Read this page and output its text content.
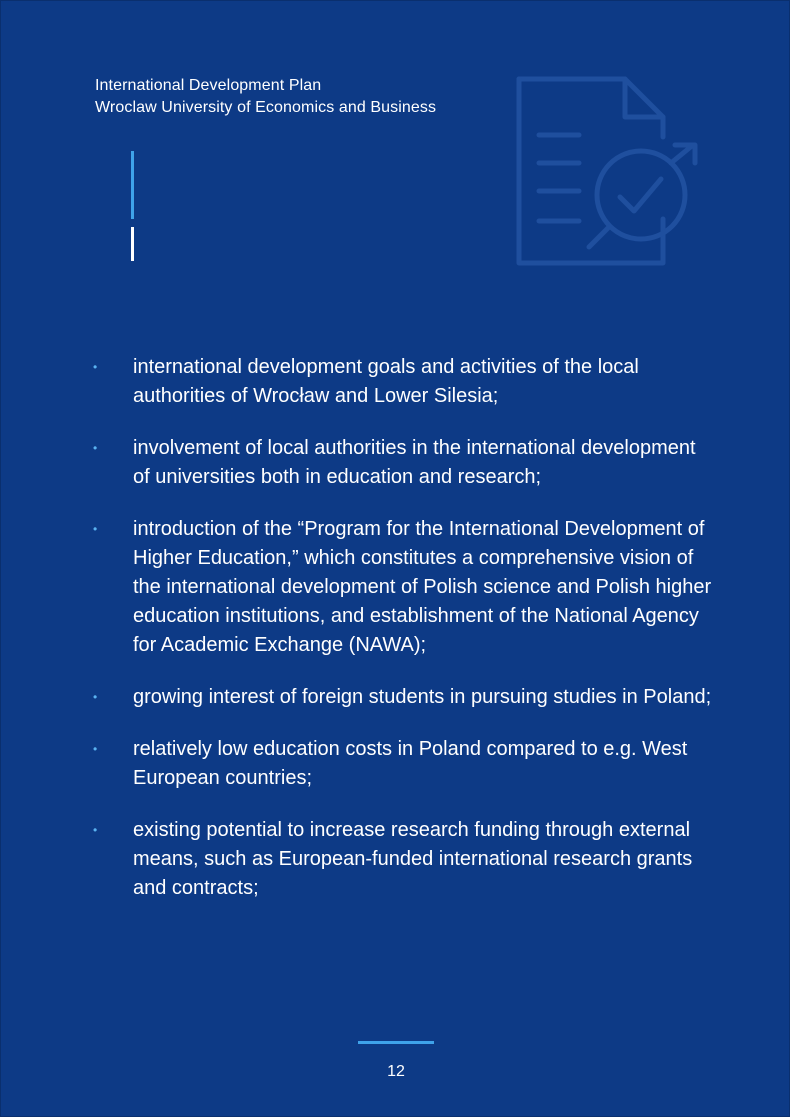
International Development Plan
Wroclaw University of Economics and Business
• international development goals and activities of the local authorities of Wrocław and Lower Silesia;
• involvement of local authorities in the international development of universities both in education and research;
• introduction of the “Program for the International Development of Higher Education,” which constitutes a comprehensive vision of the international development of Polish science and Polish higher education institutions, and establishment of the National Agency for Academic Exchange (NAWA);
• growing interest of foreign students in pursuing studies in Poland;
• relatively low education costs in Poland compared to e.g. West European countries;
• existing potential to increase research funding through external means, such as European-funded international research grants and contracts;
12
